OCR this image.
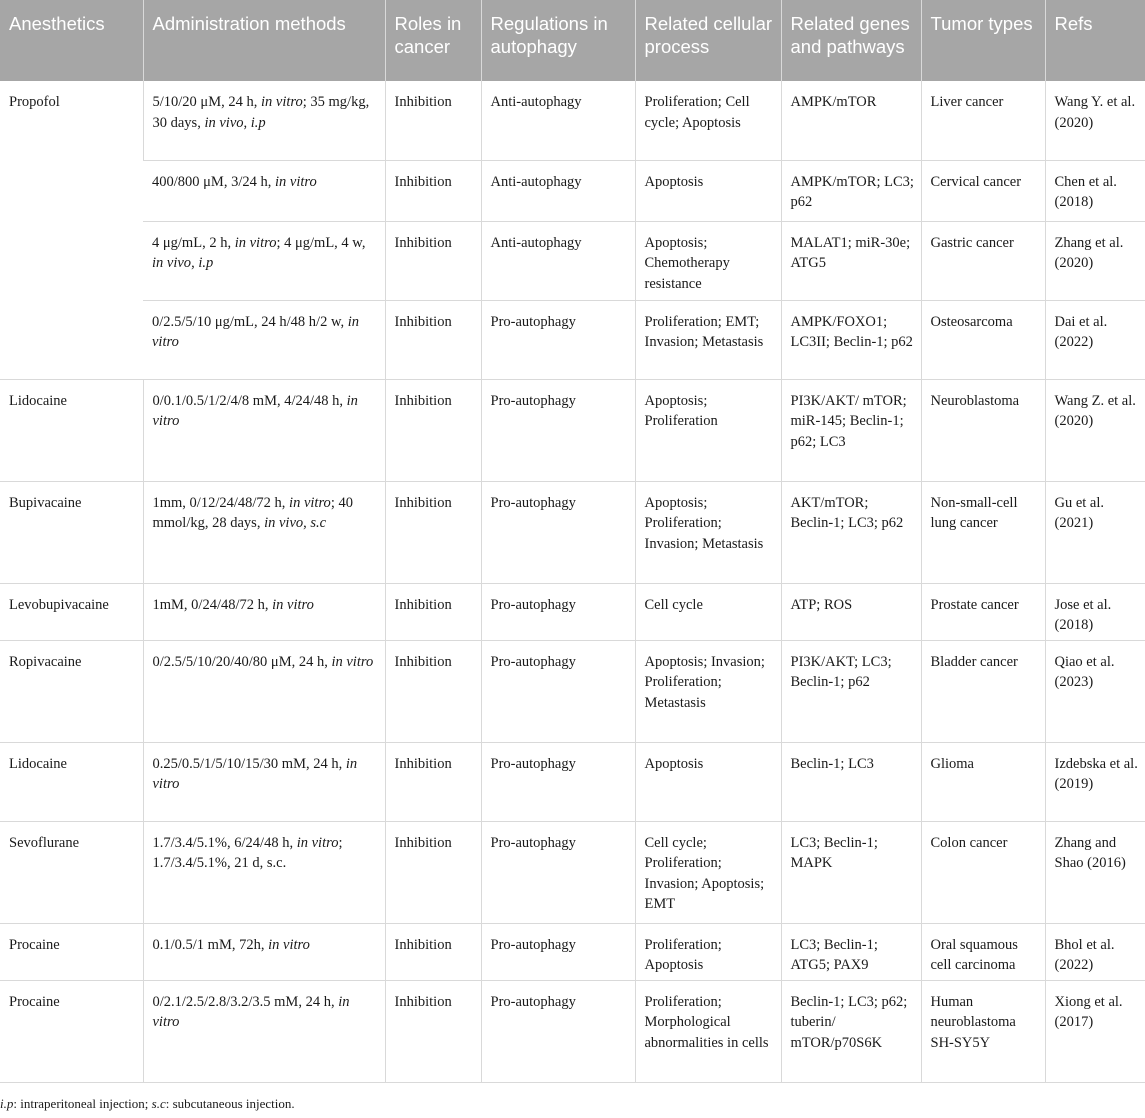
Anesthetics	Administration methods	Roles in cancer	Regulations in autophagy	Related cellular process	Related genes and pathways	Tumor types	Refs
Propofol	5/10/20 μM, 24 h, in vitro; 35 mg/kg, 30 days, in vivo, i.p	Inhibition	Anti-autophagy	Proliferation; Cell cycle; Apoptosis	AMPK/mTOR	Liver cancer	Wang Y. et al. (2020)
	400/800 μM, 3/24 h, in vitro	Inhibition	Anti-autophagy	Apoptosis	AMPK/mTOR; LC3; p62	Cervical cancer	Chen et al. (2018)
	4 μg/mL, 2 h, in vitro; 4 μg/mL, 4 w, in vivo, i.p	Inhibition	Anti-autophagy	Apoptosis; Chemotherapy resistance	MALAT1; miR-30e; ATG5	Gastric cancer	Zhang et al. (2020)
	0/2.5/5/10 μg/mL, 24 h/48 h/2 w, in vitro	Inhibition	Pro-autophagy	Proliferation; EMT; Invasion; Metastasis	AMPK/FOXO1; LC3II; Beclin-1; p62	Osteosarcoma	Dai et al. (2022)
Lidocaine	0/0.1/0.5/1/2/4/8 mM, 4/24/48 h, in vitro	Inhibition	Pro-autophagy	Apoptosis; Proliferation	PI3K/AKT/ mTOR; miR-145; Beclin-1; p62; LC3	Neuroblastoma	Wang Z. et al. (2020)
Bupivacaine	1mm, 0/12/24/48/72 h, in vitro; 40 mmol/kg, 28 days, in vivo, s.c	Inhibition	Pro-autophagy	Apoptosis; Proliferation; Invasion; Metastasis	AKT/mTOR; Beclin-1; LC3; p62	Non-small-cell lung cancer	Gu et al. (2021)
Levobupivacaine	1mM, 0/24/48/72 h, in vitro	Inhibition	Pro-autophagy	Cell cycle	ATP; ROS	Prostate cancer	Jose et al. (2018)
Ropivacaine	0/2.5/5/10/20/40/80 μM, 24 h, in vitro	Inhibition	Pro-autophagy	Apoptosis; Invasion; Proliferation; Metastasis	PI3K/AKT; LC3; Beclin-1; p62	Bladder cancer	Qiao et al. (2023)
Lidocaine	0.25/0.5/1/5/10/15/30 mM, 24 h, in vitro	Inhibition	Pro-autophagy	Apoptosis	Beclin-1; LC3	Glioma	Izdebska et al. (2019)
Sevoflurane	1.7/3.4/5.1%, 6/24/48 h, in vitro; 1.7/3.4/5.1%, 21 d, s.c.	Inhibition	Pro-autophagy	Cell cycle; Proliferation; Invasion; Apoptosis; EMT	LC3; Beclin-1; MAPK	Colon cancer	Zhang and Shao (2016)
Procaine	0.1/0.5/1 mM, 72h, in vitro	Inhibition	Pro-autophagy	Proliferation; Apoptosis	LC3; Beclin-1; ATG5; PAX9	Oral squamous cell carcinoma	Bhol et al. (2022)
Procaine	0/2.1/2.5/2.8/3.2/3.5 mM, 24 h, in vitro	Inhibition	Pro-autophagy	Proliferation; Morphological abnormalities in cells	Beclin-1; LC3; p62; tuberin/ mTOR/p70S6K	Human neuroblastoma SH-SY5Y	Xiong et al. (2017)
i.p: intraperitoneal injection; s.c: subcutaneous injection.
